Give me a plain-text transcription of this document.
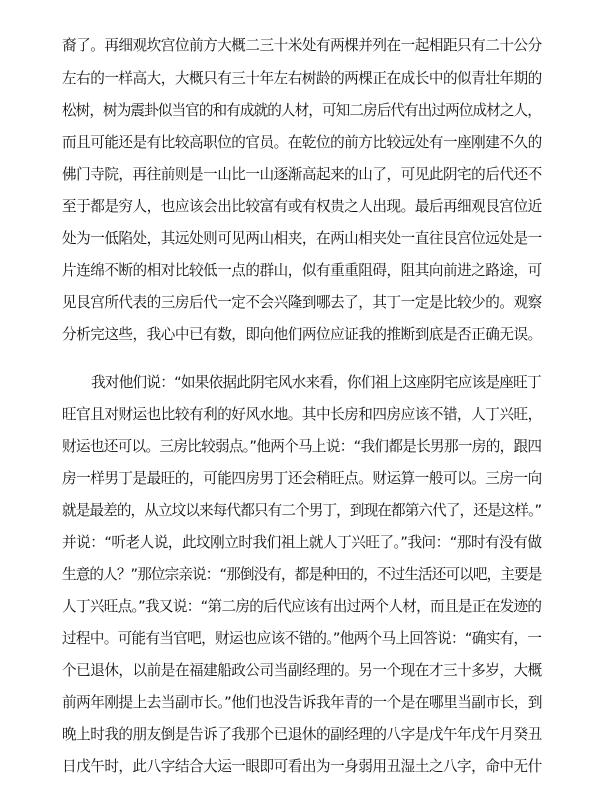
裔了。再细观坎宫位前方大概二三十米处有两棵并列在一起相距只有二十公分
左右的一样高大，大概只有三十年左右树龄的两棵正在成长中的似青壮年期的
松树，树为震卦似当官的和有成就的人材，可知二房后代有出过两位成材之人，
而且可能还是有比较高职位的官员。在乾位的前方比较远处有一座刚建不久的
佛门寺院，再往前则是一山比一山逐渐高起来的山了，可见此阴宅的后代还不
至于都是穷人，也应该会出比较富有或有权贵之人出现。最后再细观艮宫位近
处为一低陷处，其远处则可见两山相夹，在两山相夹处一直往艮宫位远处是一
片连绵不断的相对比较低一点的群山，似有重重阻碍，阻其向前进之路途，可
见艮宫所代表的三房后代一定不会兴隆到哪去了，其丁一定是比较少的。观察
分析完这些，我心中已有数，即向他们两位应证我的推断到底是否正确无误。
我对他们说：“如果依据此阴宅风水来看，你们祖上这座阴宅应该是座旺丁
旺官且对财运也比较有利的好风水地。其中长房和四房应该不错，人丁兴旺，
财运也还可以。三房比较弱点。”他两个马上说：“我们都是长男那一房的，跟四
房一样男丁是最旺的，可能四房男丁还会稍旺点。财运算一般可以。三房一向
就是最差的，从立坟以来每代都只有二个男丁，到现在都第六代了，还是这样。”
并说：“听老人说，此坟刚立时我们祖上就人丁兴旺了。”我问：“那时有没有做
生意的人？”那位宗亲说：“那倒没有，都是种田的，不过生活还可以吧，主要是
人丁兴旺点。”我又说：“第二房的后代应该有出过两个人材，而且是正在发迹的
过程中。可能有当官吧，财运也应该不错的。”他两个马上回答说：“确实有，一
个已退休，以前是在福建船政公司当副经理的。另一个现在才三十多岁，大概
前两年刚提上去当副市长。”他们也没告诉我年青的一个是在哪里当副市长，到
晚上时我的朋友倒是告诉了我那个已退休的副经理的八字是戊午年戊午月癸丑
日戊午时，此八字结合大运一眼即可看出为一身弱用丑湿土之八字，命中无什
